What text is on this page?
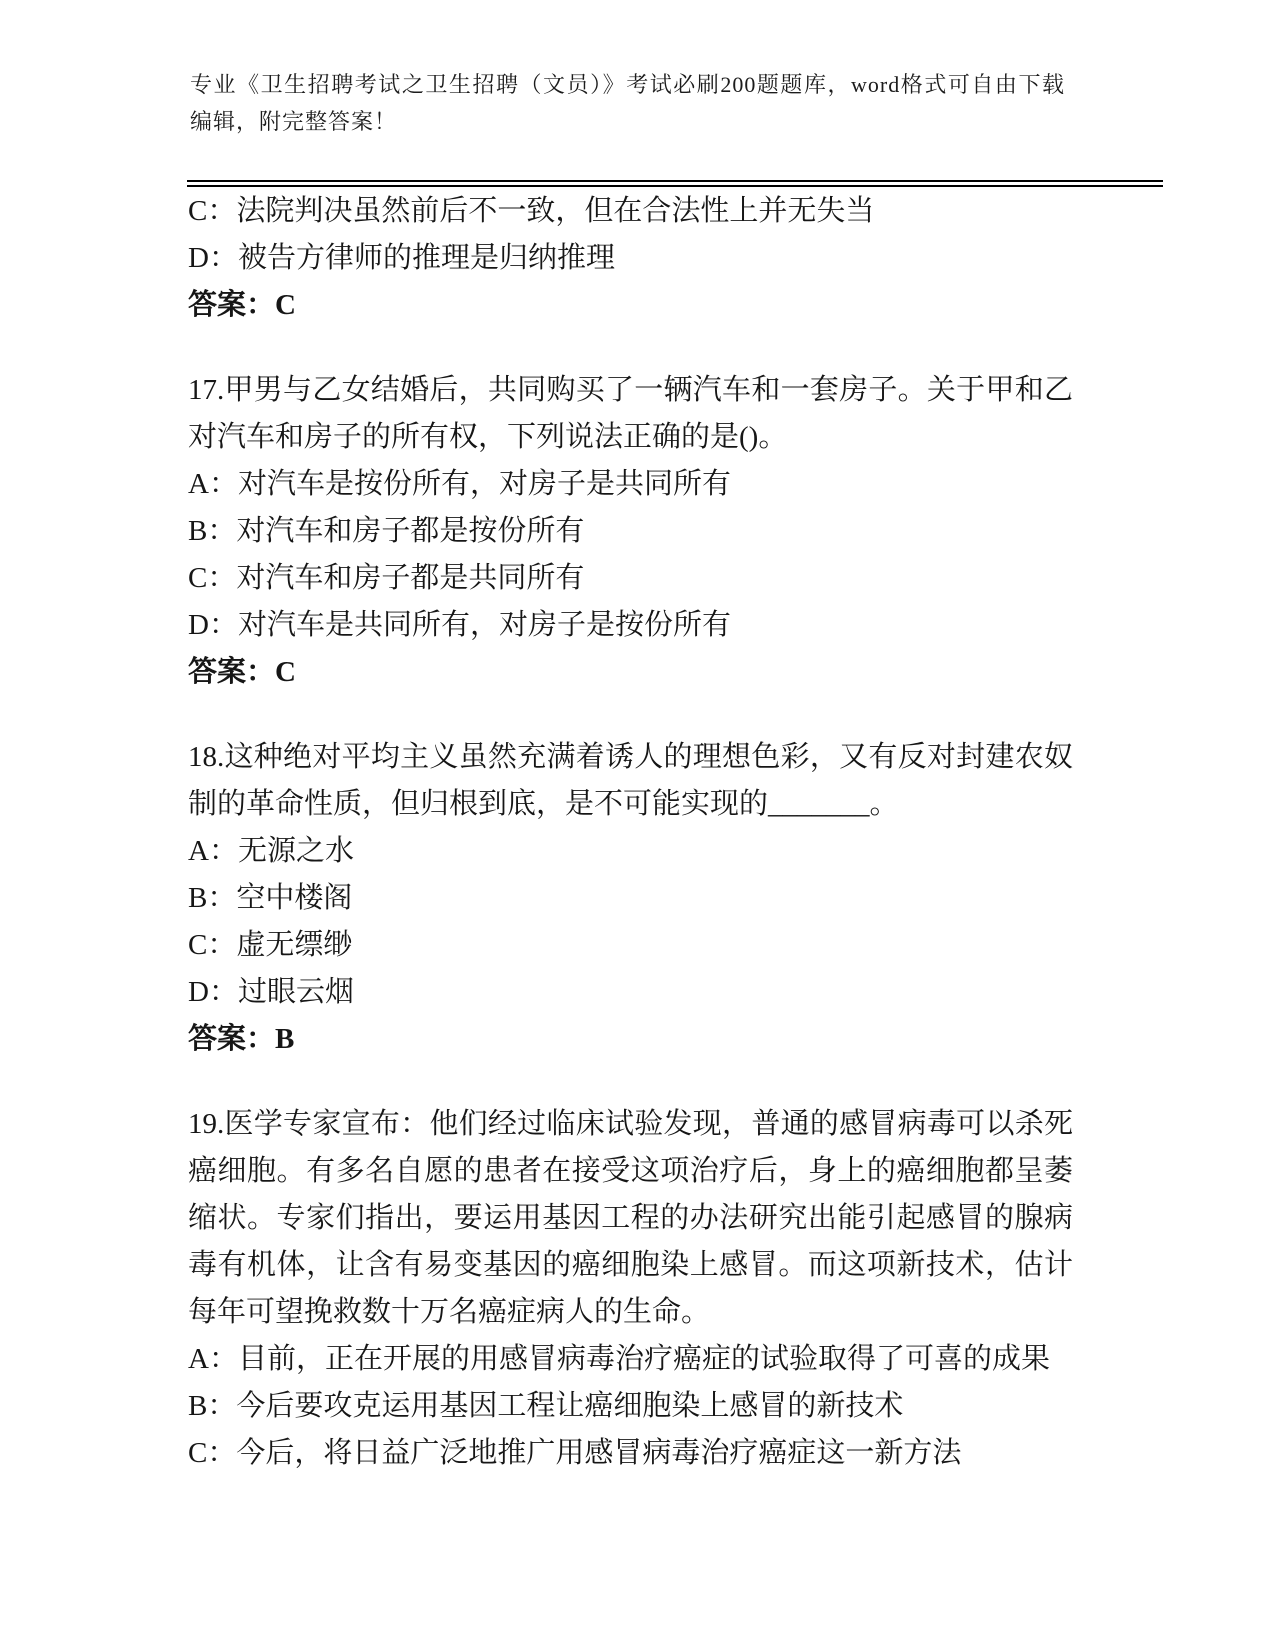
专业《卫生招聘考试之卫生招聘（文员）》考试必刷200题题库，word格式可自由下载编辑，附完整答案！

C：法院判决虽然前后不一致，但在合法性上并无失当

D：被告方律师的推理是归纳推理

答案：C

17.甲男与乙女结婚后，共同购买了一辆汽车和一套房子。关于甲和乙对汽车和房子的所有权，下列说法正确的是()。

A：对汽车是按份所有，对房子是共同所有

B：对汽车和房子都是按份所有

C：对汽车和房子都是共同所有

D：对汽车是共同所有，对房子是按份所有

答案：C

18.这种绝对平均主义虽然充满着诱人的理想色彩，又有反对封建农奴制的革命性质，但归根到底，是不可能实现的_______。

A：无源之水

B：空中楼阁

C：虚无缥缈

D：过眼云烟

答案：B

19.医学专家宣布：他们经过临床试验发现，普通的感冒病毒可以杀死癌细胞。有多名自愿的患者在接受这项治疗后，身上的癌细胞都呈萎缩状。专家们指出，要运用基因工程的办法研究出能引起感冒的腺病毒有机体，让含有易变基因的癌细胞染上感冒。而这项新技术，估计每年可望挽救数十万名癌症病人的生命。

A：目前，正在开展的用感冒病毒治疗癌症的试验取得了可喜的成果

B：今后要攻克运用基因工程让癌细胞染上感冒的新技术

C：今后，将日益广泛地推广用感冒病毒治疗癌症这一新方法
